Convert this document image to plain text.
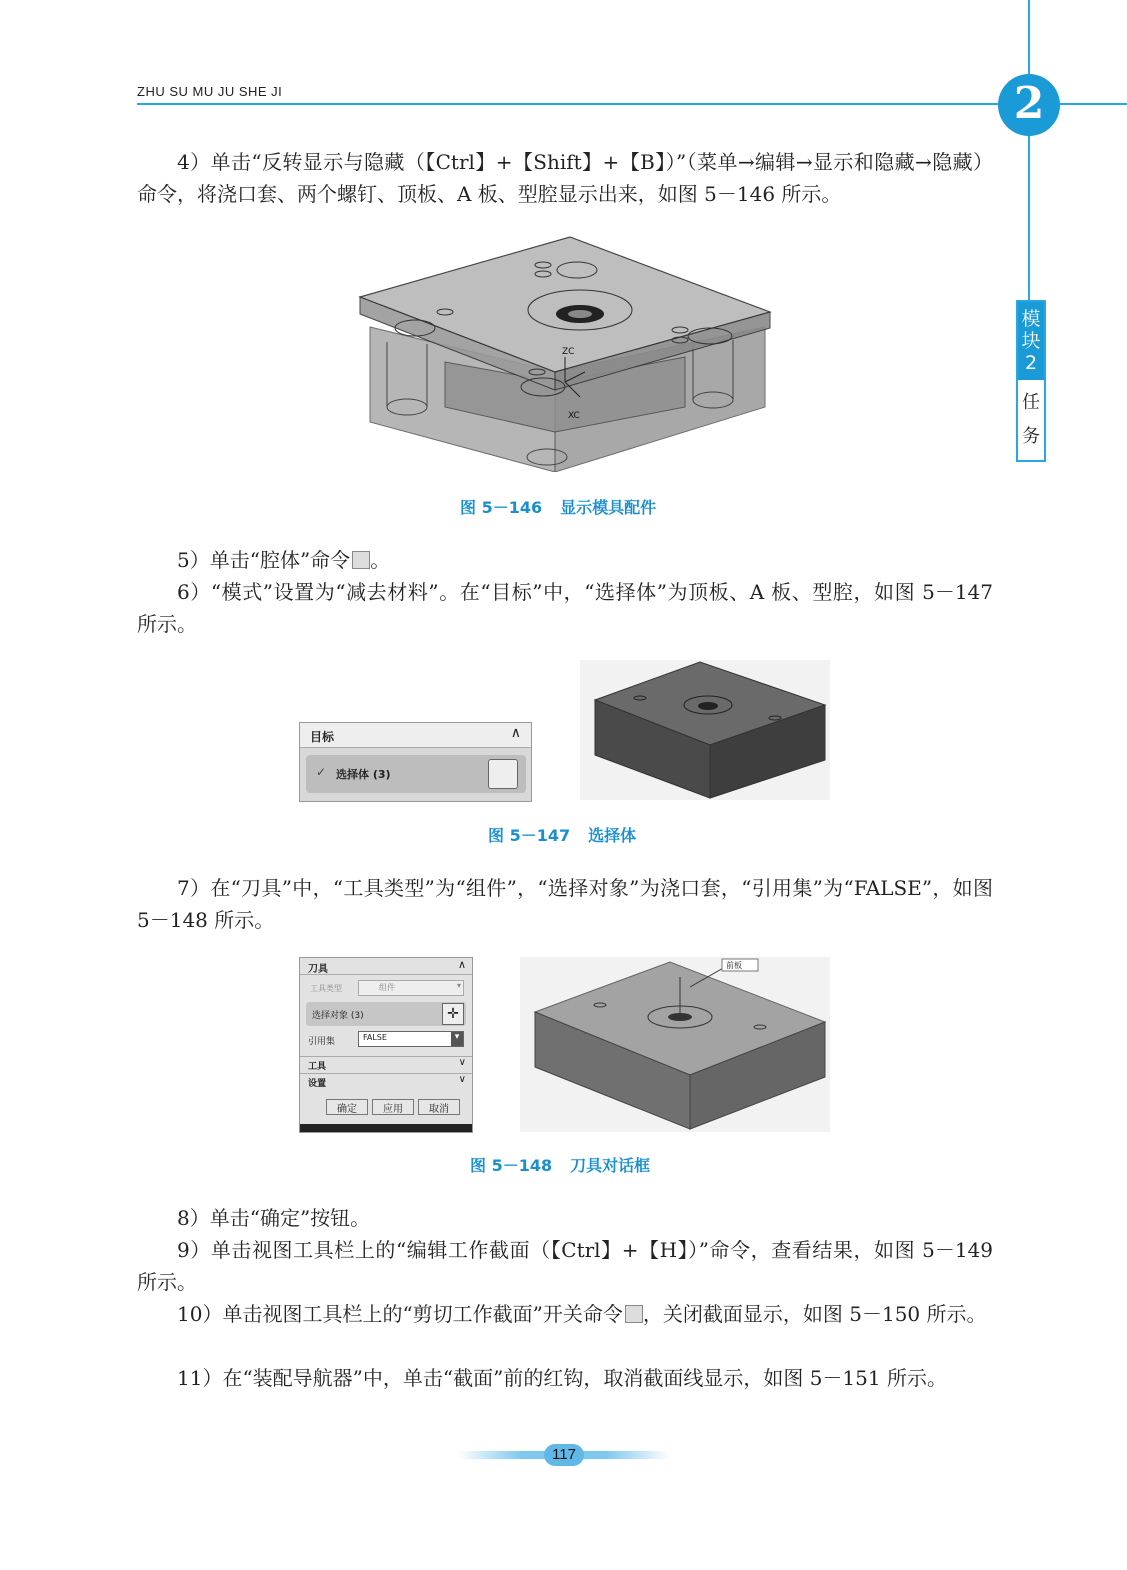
ZHU SU MU JU SHE JI	2
模块2
任务
4）单击“反转显示与隐藏（【Ctrl】+【Shift】+【B】）”（菜单→编辑→显示和隐藏→隐藏）命令，将浇口套、两个螺钉、顶板、A 板、型腔显示出来，如图 5－146 所示。
ZC
XC
图 5－146 显示模具配件
5）单击“腔体”命令 。
6）“模式”设置为“减去材料”。在“目标”中，“选择体”为顶板、A 板、型腔，如图 5－147 所示。
目标	∧
✓ 选择体 (3)
图 5－147 选择体
7）在“刀具”中，“工具类型”为“组件”，“选择对象”为浇口套，“引用集”为“FALSE”，如图 5－148 所示。
刀具	∧
工具类型	组件	▾
选择对象 (3)	✛
引用集	FALSE	▾
工具	∨
设置	∨
确定	应用	取消
前板
图 5－148 刀具对话框
8）单击“确定”按钮。
9）单击视图工具栏上的“编辑工作截面（【Ctrl】+【H】）”命令，查看结果，如图 5－149 所示。
10）单击视图工具栏上的“剪切工作截面”开关命令 ，关闭截面显示，如图 5－150 所示。
11）在“装配导航器”中，单击“截面”前的红钩，取消截面线显示，如图 5－151 所示。
117
